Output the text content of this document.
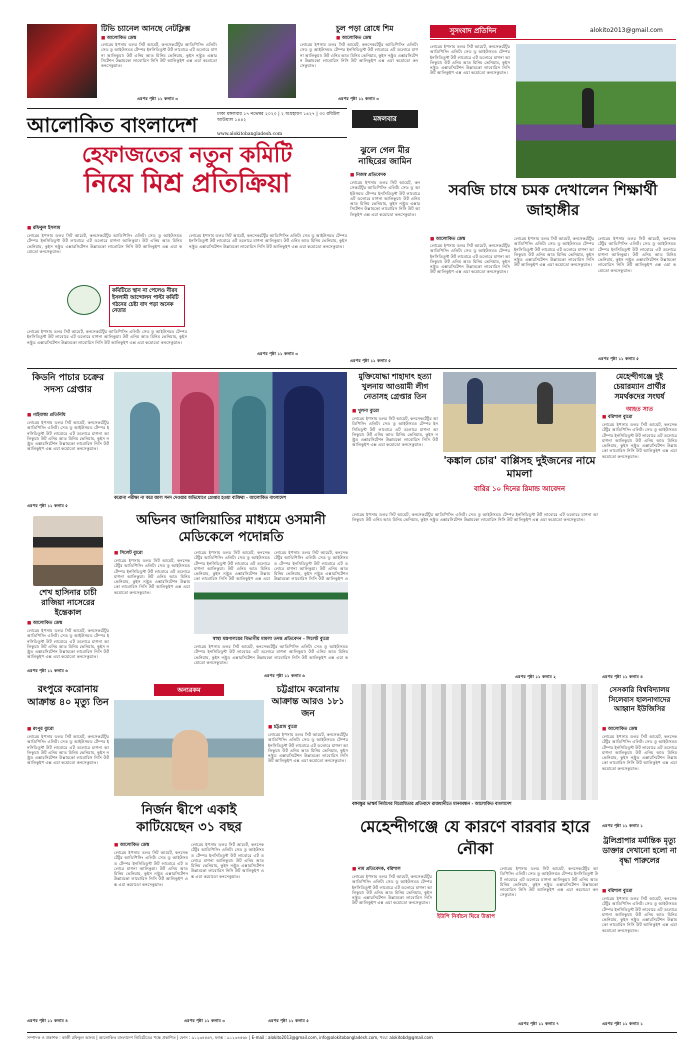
টিভি চ্যানেল আনছে নেটফ্লিক্স
■ আলোকিত ডেস্ক
লোরেম ইপসাম ডলর সিট আমেট, কনসেকটেটুর আডিপিসিং এলিট। সেড ডু আইউসমড টেম্পর ইনসিডিডুন্ট উট লাবোরে এট ডলোরে মাগনা আলিকুয়া। উট এনিম আড মিনিম ভেনিয়াম, কুইস নস্ট্রুড এক্সারসিটেশন উল্লামকো লাবোরিস নিসি উট আলিকুইপ এক্স এয়া কমোডো কনসেকুয়াত।
এরপর পৃষ্ঠা ১১ কলাম ৩
চুল পড়া রোধে শিম
■ আলোকিত ডেস্ক
লোরেম ইপসাম ডলর সিট আমেট, কনসেকটেটুর আডিপিসিং এলিট। সেড ডু আইউসমড টেম্পর ইনসিডিডুন্ট উট লাবোরে এট ডলোরে মাগনা আলিকুয়া। উট এনিম আড মিনিম ভেনিয়াম, কুইস নস্ট্রুড এক্সারসিটেশন উল্লামকো লাবোরিস নিসি উট আলিকুইপ এক্স এয়া কমোডো কনসেকুয়াত।
এরপর পৃষ্ঠা ১১ কলাম ৩
আলোকিত বাংলাদেশ	ঢাকা মঙ্গলবার ১৭ নভেম্বর ২০২০ | ২ অগ্রহায়ণ ১৪২৭ | ৩০ রবিউল আউয়াল ১৪৪২
www.alokitobangladesh.com
মঙ্গলবার
হেফাজতের নতুন কমিটি
নিয়ে মিশ্র প্রতিক্রিয়া
■ রফিকুল ইসলাম
লোরেম ইপসাম ডলর সিট আমেট, কনসেকটেটুর আডিপিসিং এলিট। সেড ডু আইউসমড টেম্পর ইনসিডিডুন্ট উট লাবোরে এট ডলোরে মাগনা আলিকুয়া। উট এনিম আড মিনিম ভেনিয়াম, কুইস নস্ট্রুড এক্সারসিটেশন উল্লামকো লাবোরিস নিসি উট আলিকুইপ এক্স এয়া কমোডো কনসেকুয়াত।
লোরেম ইপসাম ডলর সিট আমেট, কনসেকটেটুর আডিপিসিং এলিট। সেড ডু আইউসমড টেম্পর ইনসিডিডুন্ট উট লাবোরে এট ডলোরে মাগনা আলিকুয়া। উট এনিম আড মিনিম ভেনিয়াম, কুইস নস্ট্রুড এক্সারসিটেশন উল্লামকো লাবোরিস নিসি উট আলিকুইপ এক্স এয়া কমোডো কনসেকুয়াত।
কমিটিতে স্থান না পেলেও নীরব ইসলামী আন্দোলন পাল্টা কমিটি গঠনের চেষ্টা বাদ পড়া অনেক নেতার
লোরেম ইপসাম ডলর সিট আমেট, কনসেকটেটুর আডিপিসিং এলিট। সেড ডু আইউসমড টেম্পর ইনসিডিডুন্ট উট লাবোরে এট ডলোরে মাগনা আলিকুয়া। উট এনিম আড মিনিম ভেনিয়াম, কুইস নস্ট্রুড এক্সারসিটেশন উল্লামকো লাবোরিস নিসি উট আলিকুইপ এক্স এয়া কমোডো কনসেকুয়াত।
এরপর পৃষ্ঠা ১১ কলাম ৩
ঝুলে গেল মীর নাছিরের জামিন
■ নিজস্ব প্রতিবেদক
লোরেম ইপসাম ডলর সিট আমেট, কনসেকটেটুর আডিপিসিং এলিট। সেড ডু আইউসমড টেম্পর ইনসিডিডুন্ট উট লাবোরে এট ডলোরে মাগনা আলিকুয়া। উট এনিম আড মিনিম ভেনিয়াম, কুইস নস্ট্রুড এক্সারসিটেশন উল্লামকো লাবোরিস নিসি উট আলিকুইপ এক্স এয়া কমোডো কনসেকুয়াত।
এরপর পৃষ্ঠা ১১ কলাম ৫
সুসংবাদ প্রতিদিন	alokito2013@gmail.com
লোরেম ইপসাম ডলর সিট আমেট, কনসেকটেটুর আডিপিসিং এলিট। সেড ডু আইউসমড টেম্পর ইনসিডিডুন্ট উট লাবোরে এট ডলোরে মাগনা আলিকুয়া। উট এনিম আড মিনিম ভেনিয়াম, কুইস নস্ট্রুড এক্সারসিটেশন উল্লামকো লাবোরিস নিসি উট আলিকুইপ এক্স এয়া কমোডো কনসেকুয়াত।
সবজি চাষে চমক দেখালেন শিক্ষার্থী জাহাঙ্গীর
■ আলোকিত ডেস্ক
লোরেম ইপসাম ডলর সিট আমেট, কনসেকটেটুর আডিপিসিং এলিট। সেড ডু আইউসমড টেম্পর ইনসিডিডুন্ট উট লাবোরে এট ডলোরে মাগনা আলিকুয়া। উট এনিম আড মিনিম ভেনিয়াম, কুইস নস্ট্রুড এক্সারসিটেশন উল্লামকো লাবোরিস নিসি উট আলিকুইপ এক্স এয়া কমোডো কনসেকুয়াত।
লোরেম ইপসাম ডলর সিট আমেট, কনসেকটেটুর আডিপিসিং এলিট। সেড ডু আইউসমড টেম্পর ইনসিডিডুন্ট উট লাবোরে এট ডলোরে মাগনা আলিকুয়া। উট এনিম আড মিনিম ভেনিয়াম, কুইস নস্ট্রুড এক্সারসিটেশন উল্লামকো লাবোরিস নিসি উট আলিকুইপ এক্স এয়া কমোডো কনসেকুয়াত।
লোরেম ইপসাম ডলর সিট আমেট, কনসেকটেটুর আডিপিসিং এলিট। সেড ডু আইউসমড টেম্পর ইনসিডিডুন্ট উট লাবোরে এট ডলোরে মাগনা আলিকুয়া। উট এনিম আড মিনিম ভেনিয়াম, কুইস নস্ট্রুড এক্সারসিটেশন উল্লামকো লাবোরিস নিসি উট আলিকুইপ এক্স এয়া কমোডো কনসেকুয়াত।
এরপর পৃষ্ঠা ১১ কলাম ৫
কিডনি পাচার চক্রের সদস্য গ্রেপ্তার
■ গাইবান্ধা প্রতিনিধি
লোরেম ইপসাম ডলর সিট আমেট, কনসেকটেটুর আডিপিসিং এলিট। সেড ডু আইউসমড টেম্পর ইনসিডিডুন্ট উট লাবোরে এট ডলোরে মাগনা আলিকুয়া। উট এনিম আড মিনিম ভেনিয়াম, কুইস নস্ট্রুড এক্সারসিটেশন উল্লামকো লাবোরিস নিসি উট আলিকুইপ এক্স এয়া কমোডো কনসেকুয়াত।
এরপর পৃষ্ঠা ১১ কলাম ৫
করোনা পরীক্ষা না করে জাল সনদ দেওয়ার অভিযোগে গ্রেপ্তার হওয়া ব্যক্তিরা - আলোকিত বাংলাদেশ
মুক্তিযোদ্ধা শাহাদাৎ হত্যা খুলনায় আওয়ামী লীগ নেতাসহ গ্রেপ্তার তিন
■ খুলনা ব্যুরো
লোরেম ইপসাম ডলর সিট আমেট, কনসেকটেটুর আডিপিসিং এলিট। সেড ডু আইউসমড টেম্পর ইনসিডিডুন্ট উট লাবোরে এট ডলোরে মাগনা আলিকুয়া। উট এনিম আড মিনিম ভেনিয়াম, কুইস নস্ট্রুড এক্সারসিটেশন উল্লামকো লাবোরিস নিসি উট আলিকুইপ এক্স এয়া কমোডো কনসেকুয়াত।
'কঙ্কাল চোর' বাপ্পিসহ দুইজনের নামে মামলা
বারির ১০ দিনের রিমান্ড আবেদন
মেহেন্দীগঞ্জে দুই চেয়ারম্যান প্রার্থীর সমর্থকদের সংঘর্ষ
আহত সাত
■ বরিশাল ব্যুরো
লোরেম ইপসাম ডলর সিট আমেট, কনসেকটেটুর আডিপিসিং এলিট। সেড ডু আইউসমড টেম্পর ইনসিডিডুন্ট উট লাবোরে এট ডলোরে মাগনা আলিকুয়া। উট এনিম আড মিনিম ভেনিয়াম, কুইস নস্ট্রুড এক্সারসিটেশন উল্লামকো লাবোরিস নিসি উট আলিকুইপ এক্স এয়া কমোডো কনসেকুয়াত।
এরপর পৃষ্ঠা ১১ কলাম ৪
শেখ হাসিনার চাচী রাজিয়া নাসেরের ইন্তেকাল
■ আলোকিত ডেস্ক
লোরেম ইপসাম ডলর সিট আমেট, কনসেকটেটুর আডিপিসিং এলিট। সেড ডু আইউসমড টেম্পর ইনসিডিডুন্ট উট লাবোরে এট ডলোরে মাগনা আলিকুয়া। উট এনিম আড মিনিম ভেনিয়াম, কুইস নস্ট্রুড এক্সারসিটেশন উল্লামকো লাবোরিস নিসি উট আলিকুইপ এক্স এয়া কমোডো কনসেকুয়াত।
এরপর পৃষ্ঠা ১১ কলাম ৬
অভিনব জালিয়াতির মাধ্যমে ওসমানী মেডিকেলে পদোন্নতি
■ সিলেট ব্যুরো
লোরেম ইপসাম ডলর সিট আমেট, কনসেকটেটুর আডিপিসিং এলিট। সেড ডু আইউসমড টেম্পর ইনসিডিডুন্ট উট লাবোরে এট ডলোরে মাগনা আলিকুয়া। উট এনিম আড মিনিম ভেনিয়াম, কুইস নস্ট্রুড এক্সারসিটেশন উল্লামকো লাবোরিস নিসি উট আলিকুইপ এক্স এয়া কমোডো কনসেকুয়াত।
লোরেম ইপসাম ডলর সিট আমেট, কনসেকটেটুর আডিপিসিং এলিট। সেড ডু আইউসমড টেম্পর ইনসিডিডুন্ট উট লাবোরে এট ডলোরে মাগনা আলিকুয়া। উট এনিম আড মিনিম ভেনিয়াম, কুইস নস্ট্রুড এক্সারসিটেশন উল্লামকো লাবোরিস নিসি উট আলিকুইপ এক্স এয়া
লোরেম ইপসাম ডলর সিট আমেট, কনসেকটেটুর আডিপিসিং এলিট। সেড ডু আইউসমড টেম্পর ইনসিডিডুন্ট উট লাবোরে এট ডলোরে মাগনা আলিকুয়া। উট এনিম আড মিনিম ভেনিয়াম, কুইস নস্ট্রুড এক্সারসিটেশন উল্লামকো লাবোরিস নিসি উট আলিকুইপ এ
স্বাস্থ্য মন্ত্রণালয়ের বিভাগীয় মামলা তদন্ত প্রতিবেদন - সিলেট ব্যুরো
লোরেম ইপসাম ডলর সিট আমেট, কনসেকটেটুর আডিপিসিং এলিট। সেড ডু আইউসমড টেম্পর ইনসিডিডুন্ট উট লাবোরে এট ডলোরে মাগনা আলিকুয়া। উট এনিম আড মিনিম ভেনিয়াম, কুইস নস্ট্রুড এক্সারসিটেশন উল্লামকো লাবোরিস নিসি উট আলিকুইপ এক্স এয়া কমোডো কনসেকুয়াত।
এরপর পৃষ্ঠা ১১ কলাম ৬
লোরেম ইপসাম ডলর সিট আমেট, কনসেকটেটুর আডিপিসিং এলিট। সেড ডু আইউসমড টেম্পর ইনসিডিডুন্ট উট লাবোরে এট ডলোরে মাগনা আলিকুয়া। উট এনিম আড মিনিম ভেনিয়াম, কুইস নস্ট্রুড এক্সারসিটেশন উল্লামকো লাবোরিস নিসি উট আলিকুইপ এক্স এয়া কমোডো কনসেকুয়াত।
এরপর পৃষ্ঠা ১১ কলাম ২
রংপুরে করোনায় আক্রান্ত ৪০ মৃত্যু তিন
■ রংপুর ব্যুরো
লোরেম ইপসাম ডলর সিট আমেট, কনসেকটেটুর আডিপিসিং এলিট। সেড ডু আইউসমড টেম্পর ইনসিডিডুন্ট উট লাবোরে এট ডলোরে মাগনা আলিকুয়া। উট এনিম আড মিনিম ভেনিয়াম, কুইস নস্ট্রুড এক্সারসিটেশন উল্লামকো লাবোরিস নিসি উট আলিকুইপ এক্স এয়া কমোডো কনসেকুয়াত।
এরপর পৃষ্ঠা ১১ কলাম ৪
অন্যরকম
নির্জন দ্বীপে একাই কাটিয়েছেন ৩১ বছর
■ আলোকিত ডেস্ক
লোরেম ইপসাম ডলর সিট আমেট, কনসেকটেটুর আডিপিসিং এলিট। সেড ডু আইউসমড টেম্পর ইনসিডিডুন্ট উট লাবোরে এট ডলোরে মাগনা আলিকুয়া। উট এনিম আড মিনিম ভেনিয়াম, কুইস নস্ট্রুড এক্সারসিটেশন উল্লামকো লাবোরিস নিসি উট আলিকুইপ এক্স এয়া কমোডো কনসেকুয়াত।
লোরেম ইপসাম ডলর সিট আমেট, কনসেকটেটুর আডিপিসিং এলিট। সেড ডু আইউসমড টেম্পর ইনসিডিডুন্ট উট লাবোরে এট ডলোরে মাগনা আলিকুয়া। উট এনিম আড মিনিম ভেনিয়াম, কুইস নস্ট্রুড এক্সারসিটেশন উল্লামকো লাবোরিস নিসি উট আলিকুইপ এক্স এয়া কমোডো কনসেকুয়াত।
এরপর পৃষ্ঠা ১১ কলাম ৩
চট্টগ্রামে করোনায় আক্রান্ত আরও ১৮১ জন
■ চট্টগ্রাম ব্যুরো
লোরেম ইপসাম ডলর সিট আমেট, কনসেকটেটুর আডিপিসিং এলিট। সেড ডু আইউসমড টেম্পর ইনসিডিডুন্ট উট লাবোরে এট ডলোরে মাগনা আলিকুয়া। উট এনিম আড মিনিম ভেনিয়াম, কুইস নস্ট্রুড এক্সারসিটেশন উল্লামকো লাবোরিস নিসি উট আলিকুইপ এক্স এয়া কমোডো কনসেকুয়াত।
এরপর পৃষ্ঠা ১১ কলাম ৫
বঙ্গবন্ধুর ভাস্কর্য নির্মাণের বিরোধিতার প্রতিবাদে রাজধানীতে মানববন্ধন - আলোকিত বাংলাদেশ
মেহেন্দীগঞ্জে যে কারণে বারবার হারে নৌকা
■ নাম প্রতিবেদক, বরিশাল
লোরেম ইপসাম ডলর সিট আমেট, কনসেকটেটুর আডিপিসিং এলিট। সেড ডু আইউসমড টেম্পর ইনসিডিডুন্ট উট লাবোরে এট ডলোরে মাগনা আলিকুয়া। উট এনিম আড মিনিম ভেনিয়াম, কুইস নস্ট্রুড এক্সারসিটেশন উল্লামকো লাবোরিস নিসি উট আলিকুইপ এক্স এয়া কমোডো কনসেকুয়াত।
ইউপি নির্বাচন ঘিরে উত্তাপ
লোরেম ইপসাম ডলর সিট আমেট, কনসেকটেটুর আডিপিসিং এলিট। সেড ডু আইউসমড টেম্পর ইনসিডিডুন্ট উট লাবোরে এট ডলোরে মাগনা আলিকুয়া। উট এনিম আড মিনিম ভেনিয়াম, কুইস নস্ট্রুড এক্সারসিটেশন উল্লামকো লাবোরিস নিসি উট আলিকুইপ এক্স এয়া কমোডো কনসেকুয়াত।
এরপর পৃষ্ঠা ১১ কলাম ৭
সেসকারি বিশ্ববিদ্যালয় সিলেবাস হালনাগাদের আহ্বান ইউজিসির
■ আলোকিত ডেস্ক
লোরেম ইপসাম ডলর সিট আমেট, কনসেকটেটুর আডিপিসিং এলিট। সেড ডু আইউসমড টেম্পর ইনসিডিডুন্ট উট লাবোরে এট ডলোরে মাগনা আলিকুয়া। উট এনিম আড মিনিম ভেনিয়াম, কুইস নস্ট্রুড এক্সারসিটেশন উল্লামকো লাবোরিস নিসি উট আলিকুইপ এক্স এয়া কমোডো কনসেকুয়াত।
এরপর পৃষ্ঠা ১১ কলাম ১
ট্রলিপ্রাপার মর্মান্তিক মৃত্যু ডাক্তার দেখানো হলো না বৃদ্ধা পারুলের
■ বরিশাল ব্যুরো
লোরেম ইপসাম ডলর সিট আমেট, কনসেকটেটুর আডিপিসিং এলিট। সেড ডু আইউসমড টেম্পর ইনসিডিডুন্ট উট লাবোরে এট ডলোরে মাগনা আলিকুয়া। উট এনিম আড মিনিম ভেনিয়াম, কুইস নস্ট্রুড এক্সারসিটেশন উল্লামকো লাবোরিস নিসি উট আলিকুইপ এক্স এয়া কমোডো কনসেকুয়াত।
এরপর পৃষ্ঠা ১১ কলাম ১
সম্পাদক ও প্রকাশক : কাজী রফিকুল আলম | আলোকিত বাংলাদেশ লিমিটেডের পক্ষে প্রকাশিত | ফোন : ৯১২৩৪৫৬৭, ফ্যাক্স : ৯১২৩৪৫৬৮ | E-mail : alokito2013@gmail.com, info@alokitobangladesh.com, খবর: alokitobd@gmail.com
